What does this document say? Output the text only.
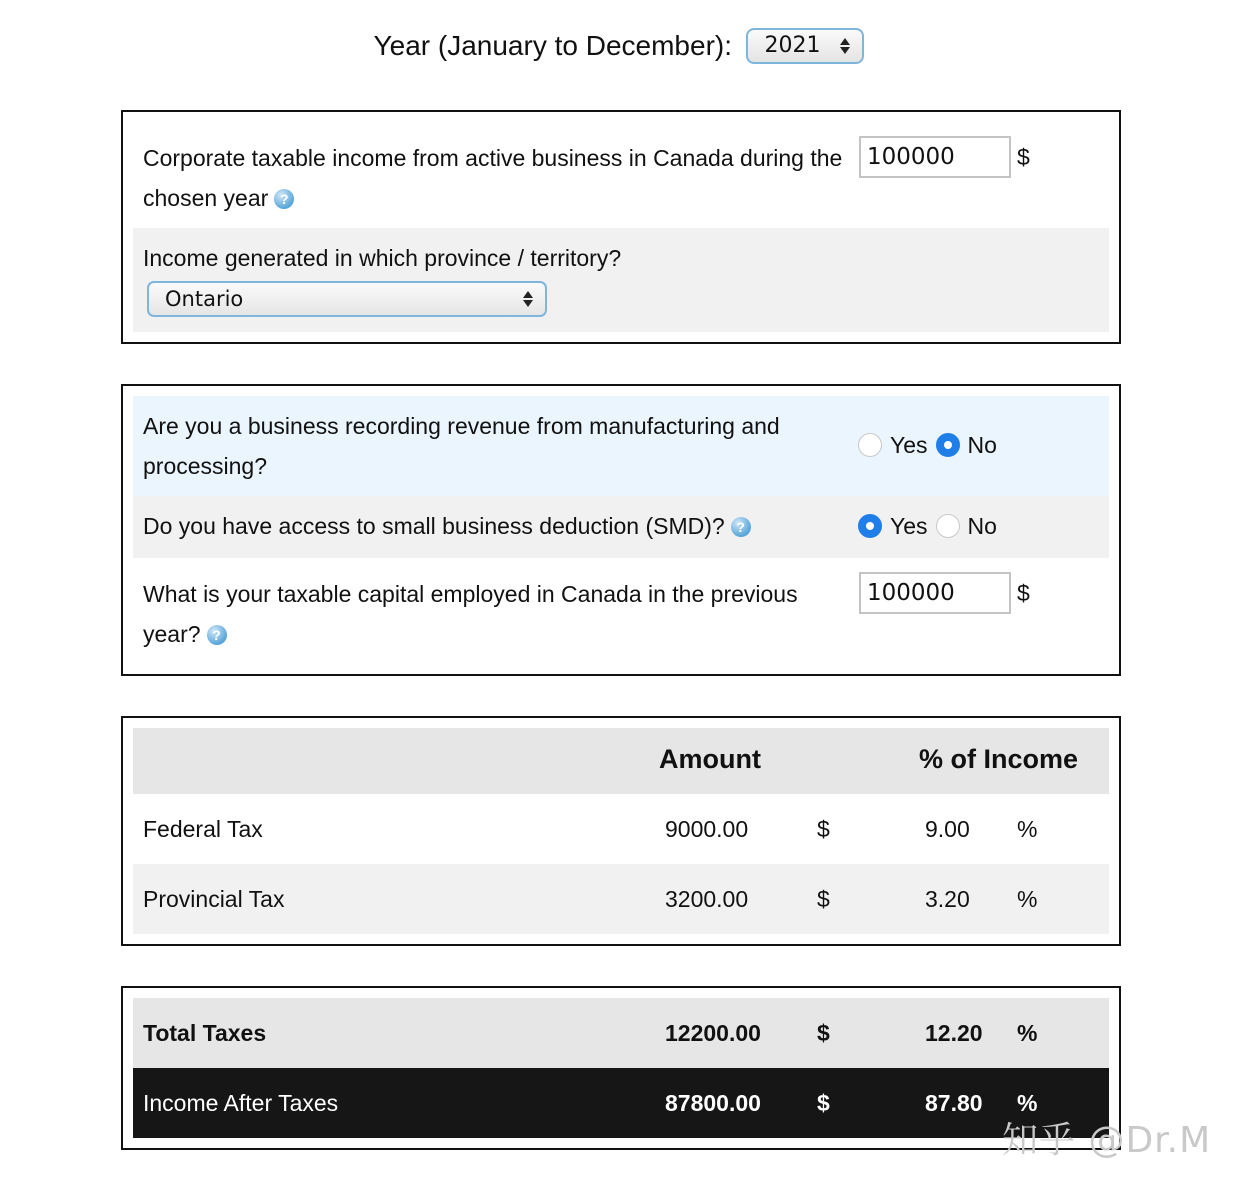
Year (January to December): 2021
Corporate taxable income from active business in Canada during the chosen year ?
100000	$
Income generated in which province / territory?
Ontario
Are you a business recording revenue from manufacturing and processing?
Yes No
Do you have access to small business deduction (SMD)? ?	Yes No
What is your taxable capital employed in Canada in the previous year? ?
100000	$
Amount	% of Income
Federal Tax	9000.00	$	9.00 %
Provincial Tax	3200.00	$	3.20 %
Total Taxes	12200.00 $	12.20 %
Income After Taxes	87800.00 $	87.80 %
知乎 @Dr.M
